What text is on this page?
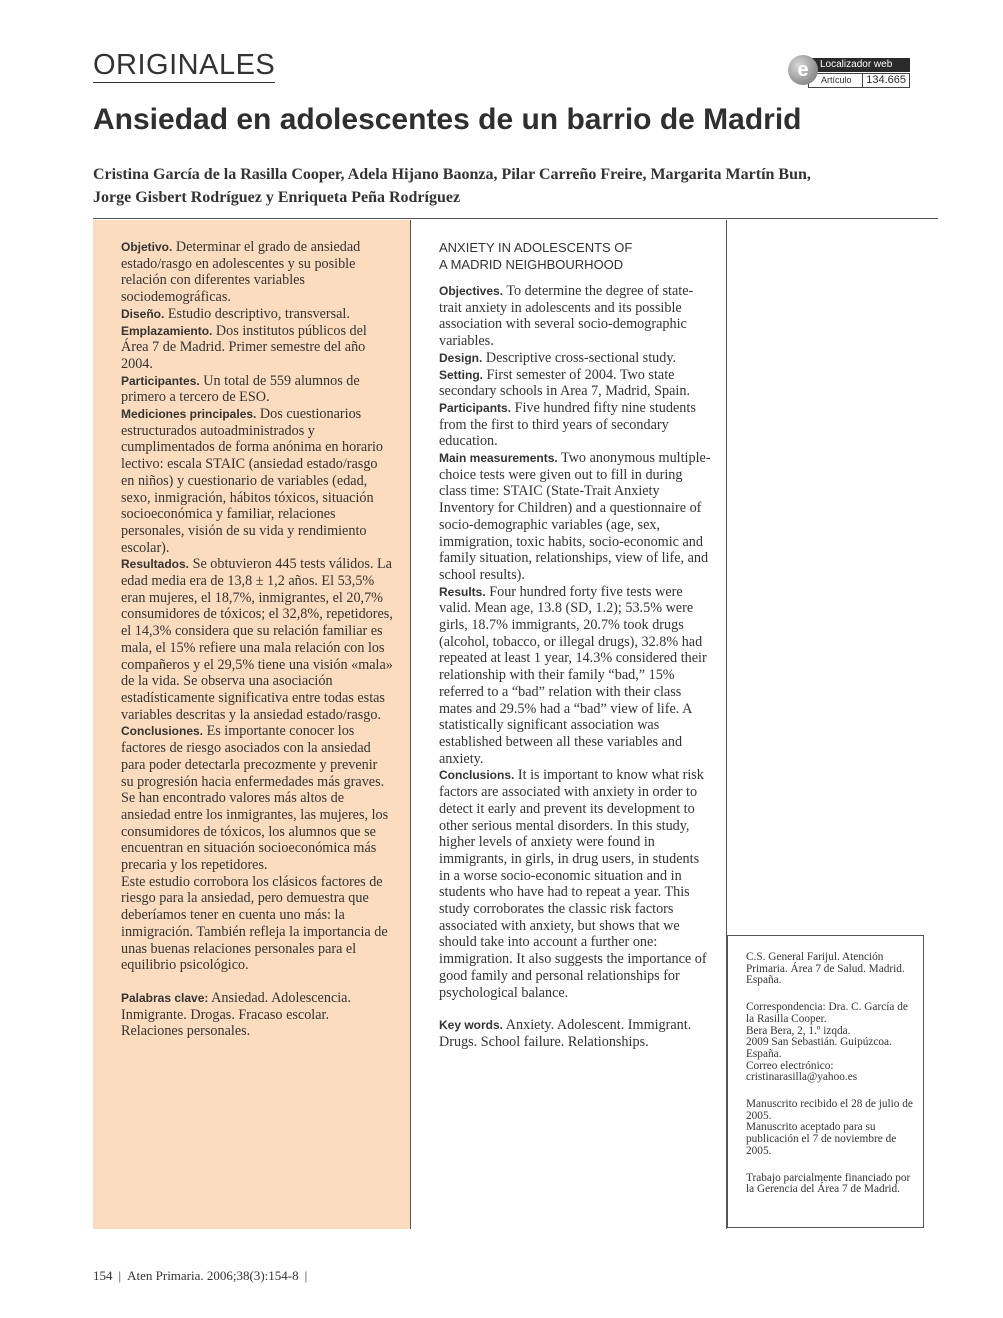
ORIGINALES	e	Localizador web
Artículo	134.665
Ansiedad en adolescentes de un barrio de Madrid
Cristina García de la Rasilla Cooper, Adela Hijano Baonza, Pilar Carreño Freire, Margarita Martín Bun, Jorge Gisbert Rodríguez y Enriqueta Peña Rodríguez

Objetivo. Determinar el grado de ansiedad estado/rasgo en adolescentes y su posible relación con diferentes variables sociodemográficas.

Diseño. Estudio descriptivo, transversal.

Emplazamiento. Dos institutos públicos del Área 7 de Madrid. Primer semestre del año 2004.

Participantes. Un total de 559 alumnos de primero a tercero de ESO.

Mediciones principales. Dos cuestionarios estructurados autoadministrados y cumplimentados de forma anónima en horario lectivo: escala STAIC (ansiedad estado/rasgo en niños) y cuestionario de variables (edad, sexo, inmigración, hábitos tóxicos, situación socioeconómica y familiar, relaciones personales, visión de su vida y rendimiento escolar).

Resultados. Se obtuvieron 445 tests válidos. La edad media era de 13,8 ± 1,2 años. El 53,5% eran mujeres, el 18,7%, inmigrantes, el 20,7% consumidores de tóxicos; el 32,8%, repetidores, el 14,3% considera que su relación familiar es mala, el 15% refiere una mala relación con los compañeros y el 29,5% tiene una visión «mala» de la vida. Se observa una asociación estadísticamente significativa entre todas estas variables descritas y la ansiedad estado/rasgo.

Conclusiones. Es importante conocer los factores de riesgo asociados con la ansiedad para poder detectarla precozmente y prevenir su progresión hacia enfermedades más graves.

Se han encontrado valores más altos de ansiedad entre los inmigrantes, las mujeres, los consumidores de tóxicos, los alumnos que se encuentran en situación socioeconómica más precaria y los repetidores.

Este estudio corrobora los clásicos factores de riesgo para la ansiedad, pero demuestra que deberíamos tener en cuenta uno más: la inmigración. También refleja la importancia de unas buenas relaciones personales para el equilibrio psicológico.

Palabras clave: Ansiedad. Adolescencia. Inmigrante. Drogas. Fracaso escolar. Relaciones personales.

ANXIETY IN ADOLESCENTS OF
A MADRID NEIGHBOURHOOD

Objectives. To determine the degree of state-trait anxiety in adolescents and its possible association with several socio-demographic variables.

Design. Descriptive cross-sectional study.

Setting. First semester of 2004. Two state secondary schools in Area 7, Madrid, Spain.

Participants. Five hundred fifty nine students from the first to third years of secondary education.

Main measurements. Two anonymous multiple-choice tests were given out to fill in during class time: STAIC (State-Trait Anxiety Inventory for Children) and a questionnaire of socio-demographic variables (age, sex, immigration, toxic habits, socio-economic and family situation, relationships, view of life, and school results).

Results. Four hundred forty five tests were valid. Mean age, 13.8 (SD, 1.2); 53.5% were girls, 18.7% immigrants, 20.7% took drugs (alcohol, tobacco, or illegal drugs), 32.8% had repeated at least 1 year, 14.3% considered their relationship with their family “bad,” 15% referred to a “bad” relation with their class mates and 29.5% had a “bad” view of life. A statistically significant association was established between all these variables and anxiety.

Conclusions. It is important to know what risk factors are associated with anxiety in order to detect it early and prevent its development to other serious mental disorders. In this study, higher levels of anxiety were found in immigrants, in girls, in drug users, in students in a worse socio-economic situation and in students who have had to repeat a year. This study corroborates the classic risk factors associated with anxiety, but shows that we should take into account a further one: immigration. It also suggests the importance of good family and personal relationships for psychological balance.

Key words. Anxiety. Adolescent. Immigrant. Drugs. School failure. Relationships.

C.S. General Farijul. Atención Primaria. Área 7 de Salud. Madrid. España.

Correspondencia: Dra. C. García de la Rasilla Cooper.
Bera Bera, 2, 1.º izqda.
2009 San Sebastián. Guipúzcoa. España.
Correo electrónico:
cristinarasilla@yahoo.es

Manuscrito recibido el 28 de julio de 2005.
Manuscrito aceptado para su publicación el 7 de noviembre de 2005.

Trabajo parcialmente financiado por la Gerencia del Área 7 de Madrid.

154 | Aten Primaria. 2006;38(3):154-8 |
